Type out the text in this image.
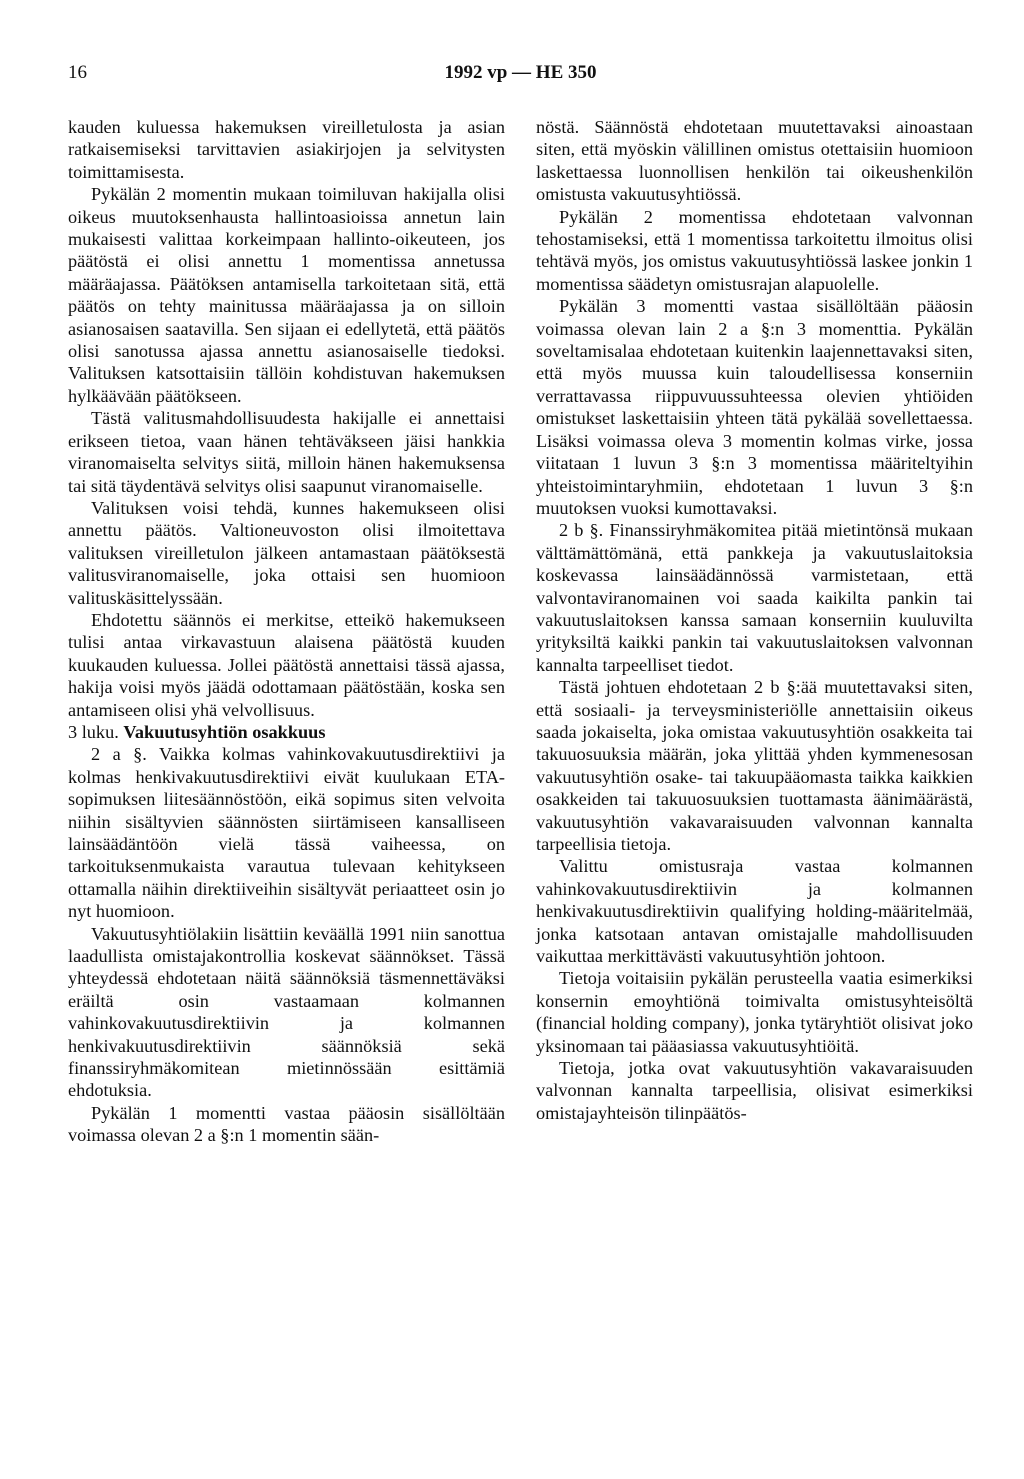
16	1992 vp — HE 350

kauden kuluessa hakemuksen vireilletulosta ja asian ratkaisemiseksi tarvittavien asiakirjojen ja selvitysten toimittamisesta.

Pykälän 2 momentin mukaan toimiluvan hakijalla olisi oikeus muutoksenhausta hallintoasioissa annetun lain mukaisesti valittaa korkeimpaan hallinto-oikeuteen, jos päätöstä ei olisi annettu 1 momentissa annetussa määräajassa. Päätöksen antamisella tarkoitetaan sitä, että päätös on tehty mainitussa määräajassa ja on silloin asianosaisen saatavilla. Sen sijaan ei edellytetä, että päätös olisi sanotussa ajassa annettu asianosaiselle tiedoksi. Valituksen katsottaisiin tällöin kohdistuvan hakemuksen hylkäävään päätökseen.

Tästä valitusmahdollisuudesta hakijalle ei annettaisi erikseen tietoa, vaan hänen tehtäväkseen jäisi hankkia viranomaiselta selvitys siitä, milloin hänen hakemuksensa tai sitä täydentävä selvitys olisi saapunut viranomaiselle.

Valituksen voisi tehdä, kunnes hakemukseen olisi annettu päätös. Valtioneuvoston olisi ilmoitettava valituksen vireilletulon jälkeen antamastaan päätöksestä valitusviranomaiselle, joka ottaisi sen huomioon valituskäsittelyssään.

Ehdotettu säännös ei merkitse, etteikö hakemukseen tulisi antaa virkavastuun alaisena päätöstä kuuden kuukauden kuluessa. Jollei päätöstä annettaisi tässä ajassa, hakija voisi myös jäädä odottamaan päätöstään, koska sen antamiseen olisi yhä velvollisuus.

3 luku. Vakuutusyhtiön osakkuus

2 a §. Vaikka kolmas vahinkovakuutusdirektiivi ja kolmas henkivakuutusdirektiivi eivät kuulukaan ETA-sopimuksen liitesäännöstöön, eikä sopimus siten velvoita niihin sisältyvien säännösten siirtämiseen kansalliseen lainsäädäntöön vielä tässä vaiheessa, on tarkoituksenmukaista varautua tulevaan kehitykseen ottamalla näihin direktiiveihin sisältyvät periaatteet osin jo nyt huomioon.

Vakuutusyhtiölakiin lisättiin keväällä 1991 niin sanottua laadullista omistajakontrollia koskevat säännökset. Tässä yhteydessä ehdotetaan näitä säännöksiä täsmennettäväksi eräiltä osin vastaamaan kolmannen vahinkovakuutusdirektiivin ja kolmannen henkivakuutusdirektiivin säännöksiä sekä finanssiryhmäkomitean mietinnössään esittämiä ehdotuksia.

Pykälän 1 momentti vastaa pääosin sisällöltään voimassa olevan 2 a §:n 1 momentin sään-

nöstä. Säännöstä ehdotetaan muutettavaksi ainoastaan siten, että myöskin välillinen omistus otettaisiin huomioon laskettaessa luonnollisen henkilön tai oikeushenkilön omistusta vakuutusyhtiössä.

Pykälän 2 momentissa ehdotetaan valvonnan tehostamiseksi, että 1 momentissa tarkoitettu ilmoitus olisi tehtävä myös, jos omistus vakuutusyhtiössä laskee jonkin 1 momentissa säädetyn omistusrajan alapuolelle.

Pykälän 3 momentti vastaa sisällöltään pääosin voimassa olevan lain 2 a §:n 3 momenttia. Pykälän soveltamisalaa ehdotetaan kuitenkin laajennettavaksi siten, että myös muussa kuin taloudellisessa konserniin verrattavassa riippuvuussuhteessa olevien yhtiöiden omistukset laskettaisiin yhteen tätä pykälää sovellettaessa. Lisäksi voimassa oleva 3 momentin kolmas virke, jossa viitataan 1 luvun 3 §:n 3 momentissa määriteltyihin yhteistoimintaryhmiin, ehdotetaan 1 luvun 3 §:n muutoksen vuoksi kumottavaksi.

2 b §. Finanssiryhmäkomitea pitää mietintönsä mukaan välttämättömänä, että pankkeja ja vakuutuslaitoksia koskevassa lainsäädännössä varmistetaan, että valvontaviranomainen voi saada kaikilta pankin tai vakuutuslaitoksen kanssa samaan konserniin kuuluvilta yrityksiltä kaikki pankin tai vakuutuslaitoksen valvonnan kannalta tarpeelliset tiedot.

Tästä johtuen ehdotetaan 2 b §:ää muutettavaksi siten, että sosiaali- ja terveysministeriölle annettaisiin oikeus saada jokaiselta, joka omistaa vakuutusyhtiön osakkeita tai takuuosuuksia määrän, joka ylittää yhden kymmenesosan vakuutusyhtiön osake- tai takuupääomasta taikka kaikkien osakkeiden tai takuuosuuksien tuottamasta äänimäärästä, vakuutusyhtiön vakavaraisuuden valvonnan kannalta tarpeellisia tietoja.

Valittu omistusraja vastaa kolmannen vahinkovakuutusdirektiivin ja kolmannen henkivakuutusdirektiivin qualifying holding-määritelmää, jonka katsotaan antavan omistajalle mahdollisuuden vaikuttaa merkittävästi vakuutusyhtiön johtoon.

Tietoja voitaisiin pykälän perusteella vaatia esimerkiksi konsernin emoyhtiönä toimivalta omistusyhteisöltä (financial holding company), jonka tytäryhtiöt olisivat joko yksinomaan tai pääasiassa vakuutusyhtiöitä.

Tietoja, jotka ovat vakuutusyhtiön vakavaraisuuden valvonnan kannalta tarpeellisia, olisivat esimerkiksi omistajayhteisön tilinpäätös-
